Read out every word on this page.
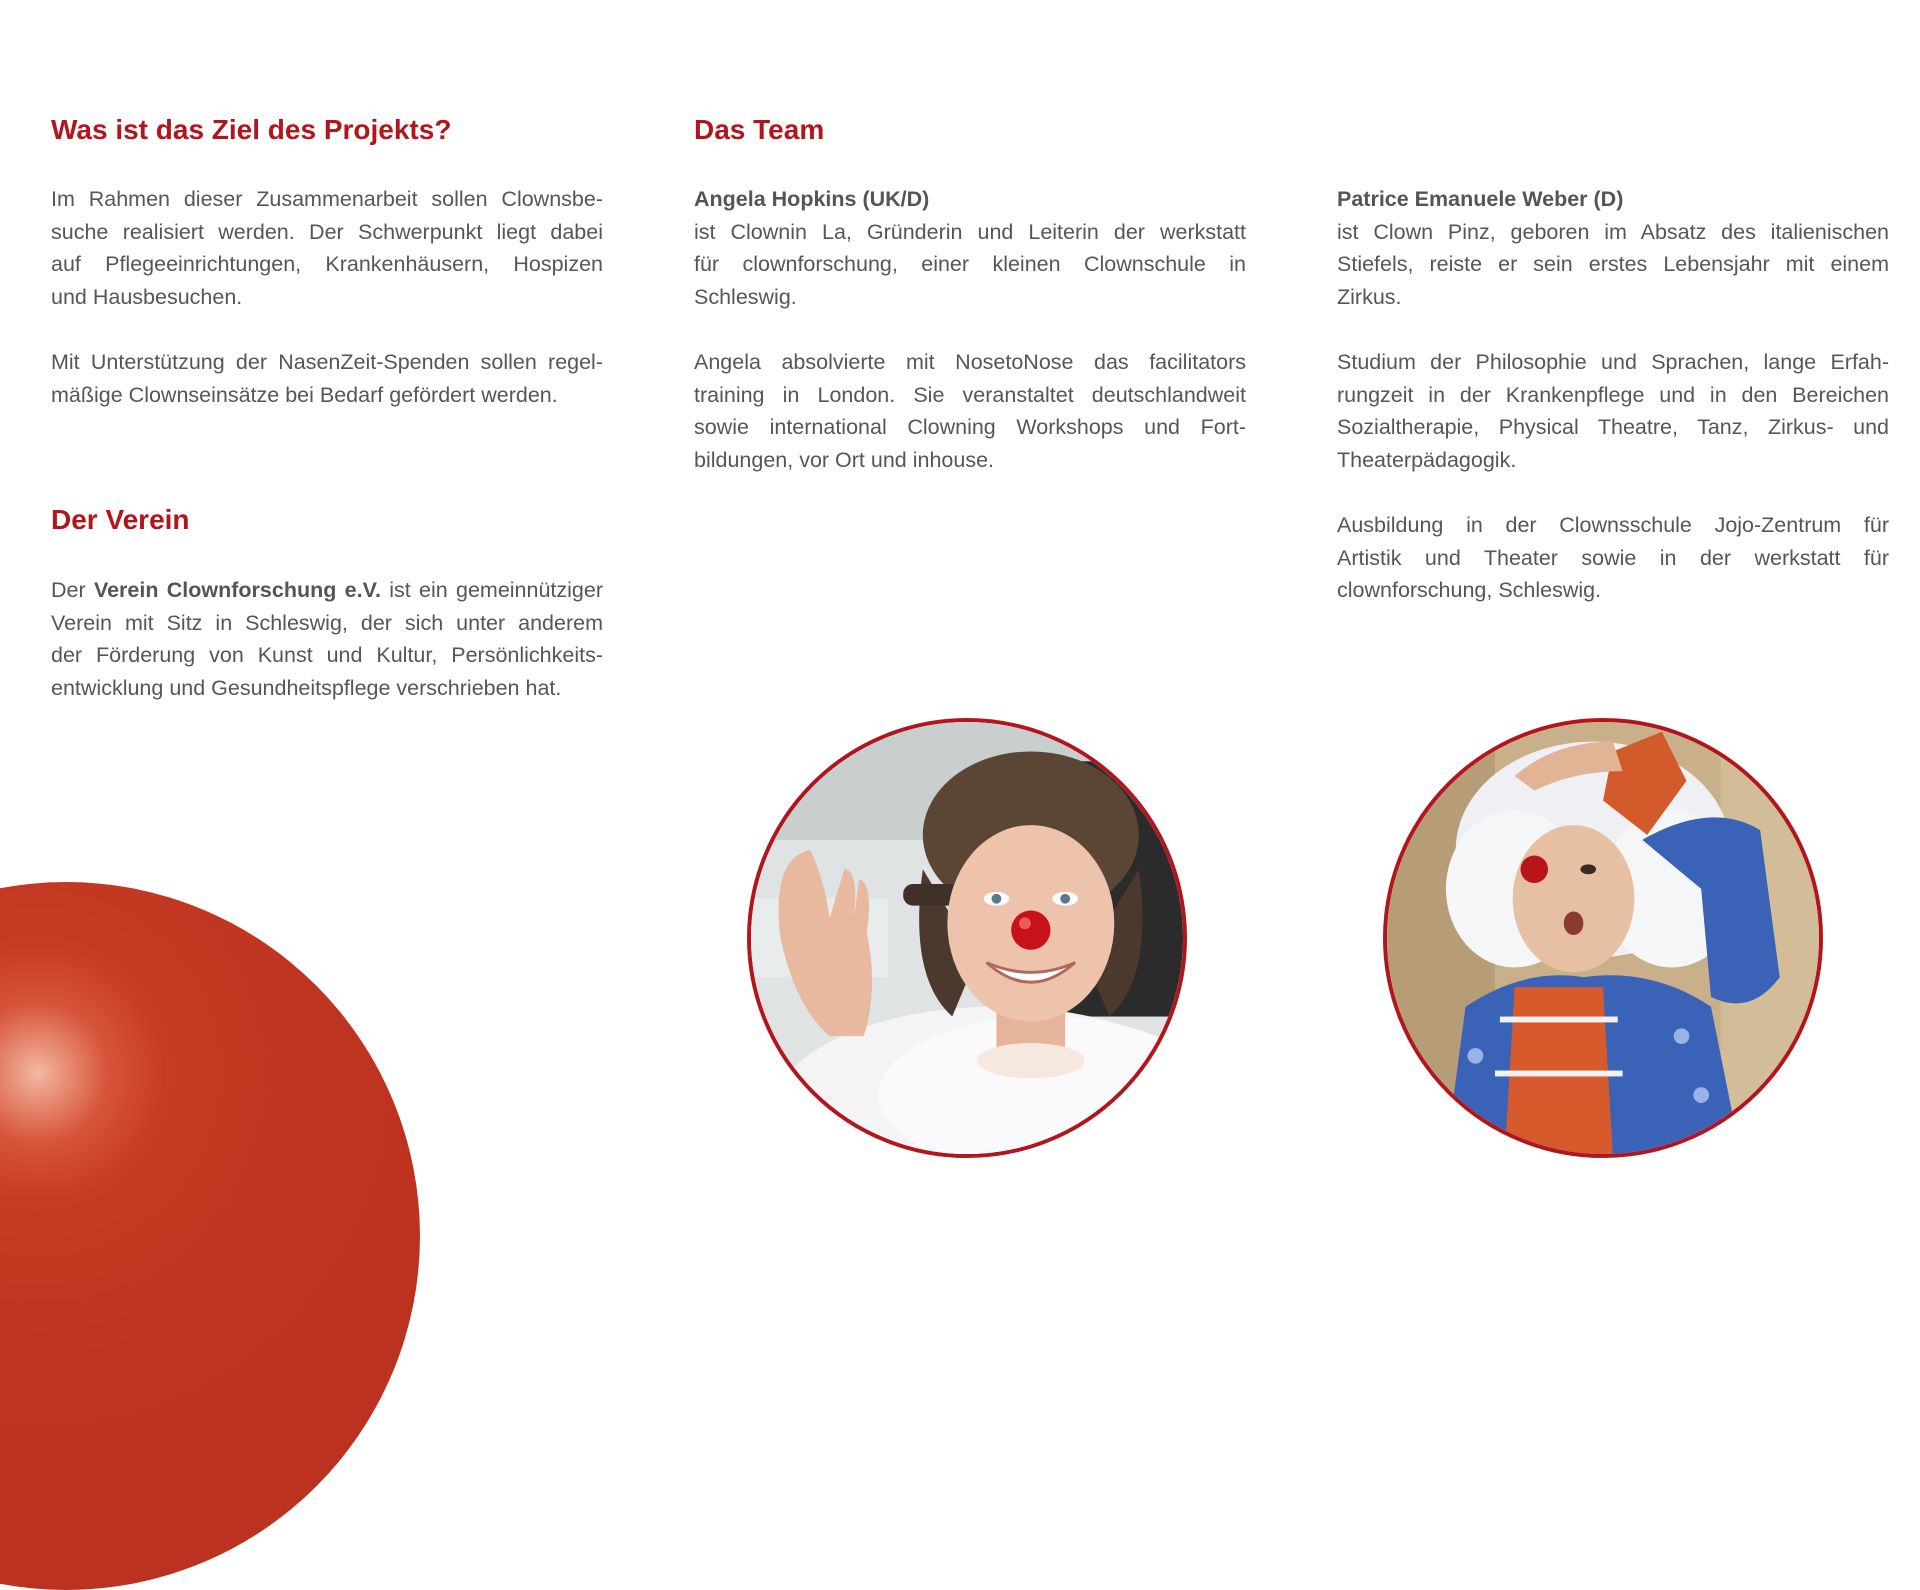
Was ist das Ziel des Projekts?

Im Rahmen dieser Zusammenarbeit sollen Clownsbe-
suche realisiert werden. Der Schwerpunkt liegt dabei
auf Pflegeeinrichtungen, Krankenhäusern, Hospizen
und Hausbesuchen.

Mit Unterstützung der NasenZeit-Spenden sollen regel-
mäßige Clownseinsätze bei Bedarf gefördert werden.

Der Verein

Der Verein Clownforschung e.V. ist ein gemeinnütziger
Verein mit Sitz in Schleswig, der sich unter anderem
der Förderung von Kunst und Kultur, Persönlichkeits-
entwicklung und Gesundheitspflege verschrieben hat.

Das Team

Angela Hopkins (UK/D)
ist Clownin La, Gründerin und Leiterin der werkstatt
für clownforschung, einer kleinen Clownschule in
Schleswig.

Angela absolvierte mit NosetoNose das facilitators
training in London. Sie veranstaltet deutschlandweit
sowie international Clowning Workshops und Fort-
bildungen, vor Ort und inhouse.

Patrice Emanuele Weber (D)
ist Clown Pinz, geboren im Absatz des italienischen
Stiefels, reiste er sein erstes Lebensjahr mit einem
Zirkus.

Studium der Philosophie und Sprachen, lange Erfah-
rungzeit in der Krankenpflege und in den Bereichen
Sozialtherapie, Physical Theatre, Tanz, Zirkus- und
Theaterpädagogik.

Ausbildung in der Clownsschule Jojo-Zentrum für
Artistik und Theater sowie in der werkstatt für
clownforschung, Schleswig.
